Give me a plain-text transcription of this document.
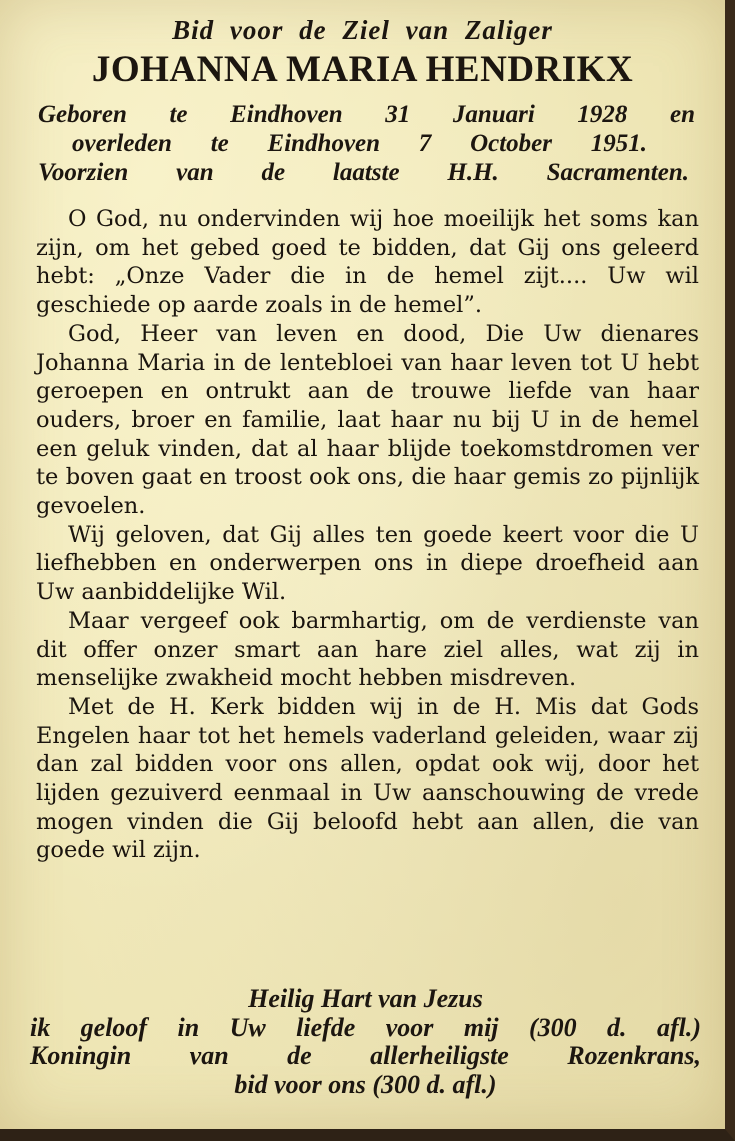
Bid voor de Ziel van Zaliger
JOHANNA MARIA HENDRIKX
Geboren te Eindhoven 31 Januari 1928 en
overleden te Eindhoven 7 October 1951.
Voorzien van de laatste H.H. Sacramenten.
O God, nu ondervinden wij hoe moeilijk het soms kan zijn, om het gebed goed te bidden, dat Gij ons geleerd hebt: „Onze Vader die in de hemel zijt.... Uw wil geschiede op aarde zoals in de hemel”.
God, Heer van leven en dood, Die Uw dienares Johanna Maria in de lentebloei van haar leven tot U hebt geroepen en ontrukt aan de trouwe liefde van haar ouders, broer en familie, laat haar nu bij U in de hemel een geluk vinden, dat al haar blijde toekomstdromen ver te boven gaat en troost ook ons, die haar gemis zo pijnlijk gevoelen.
Wij geloven, dat Gij alles ten goede keert voor die U liefhebben en onderwerpen ons in diepe droefheid aan Uw aanbiddelijke Wil.
Maar vergeef ook barmhartig, om de verdienste van dit offer onzer smart aan hare ziel alles, wat zij in menselijke zwakheid mocht hebben misdreven.
Met de H. Kerk bidden wij in de H. Mis dat Gods Engelen haar tot het hemels vaderland geleiden, waar zij dan zal bidden voor ons allen, opdat ook wij, door het lijden gezuiverd eenmaal in Uw aanschouwing de vrede mogen vinden die Gij beloofd hebt aan allen, die van goede wil zijn.
Heilig Hart van Jezus
ik geloof in Uw liefde voor mij (300 d. afl.)
Koningin van de allerheiligste Rozenkrans,
bid voor ons (300 d. afl.)
